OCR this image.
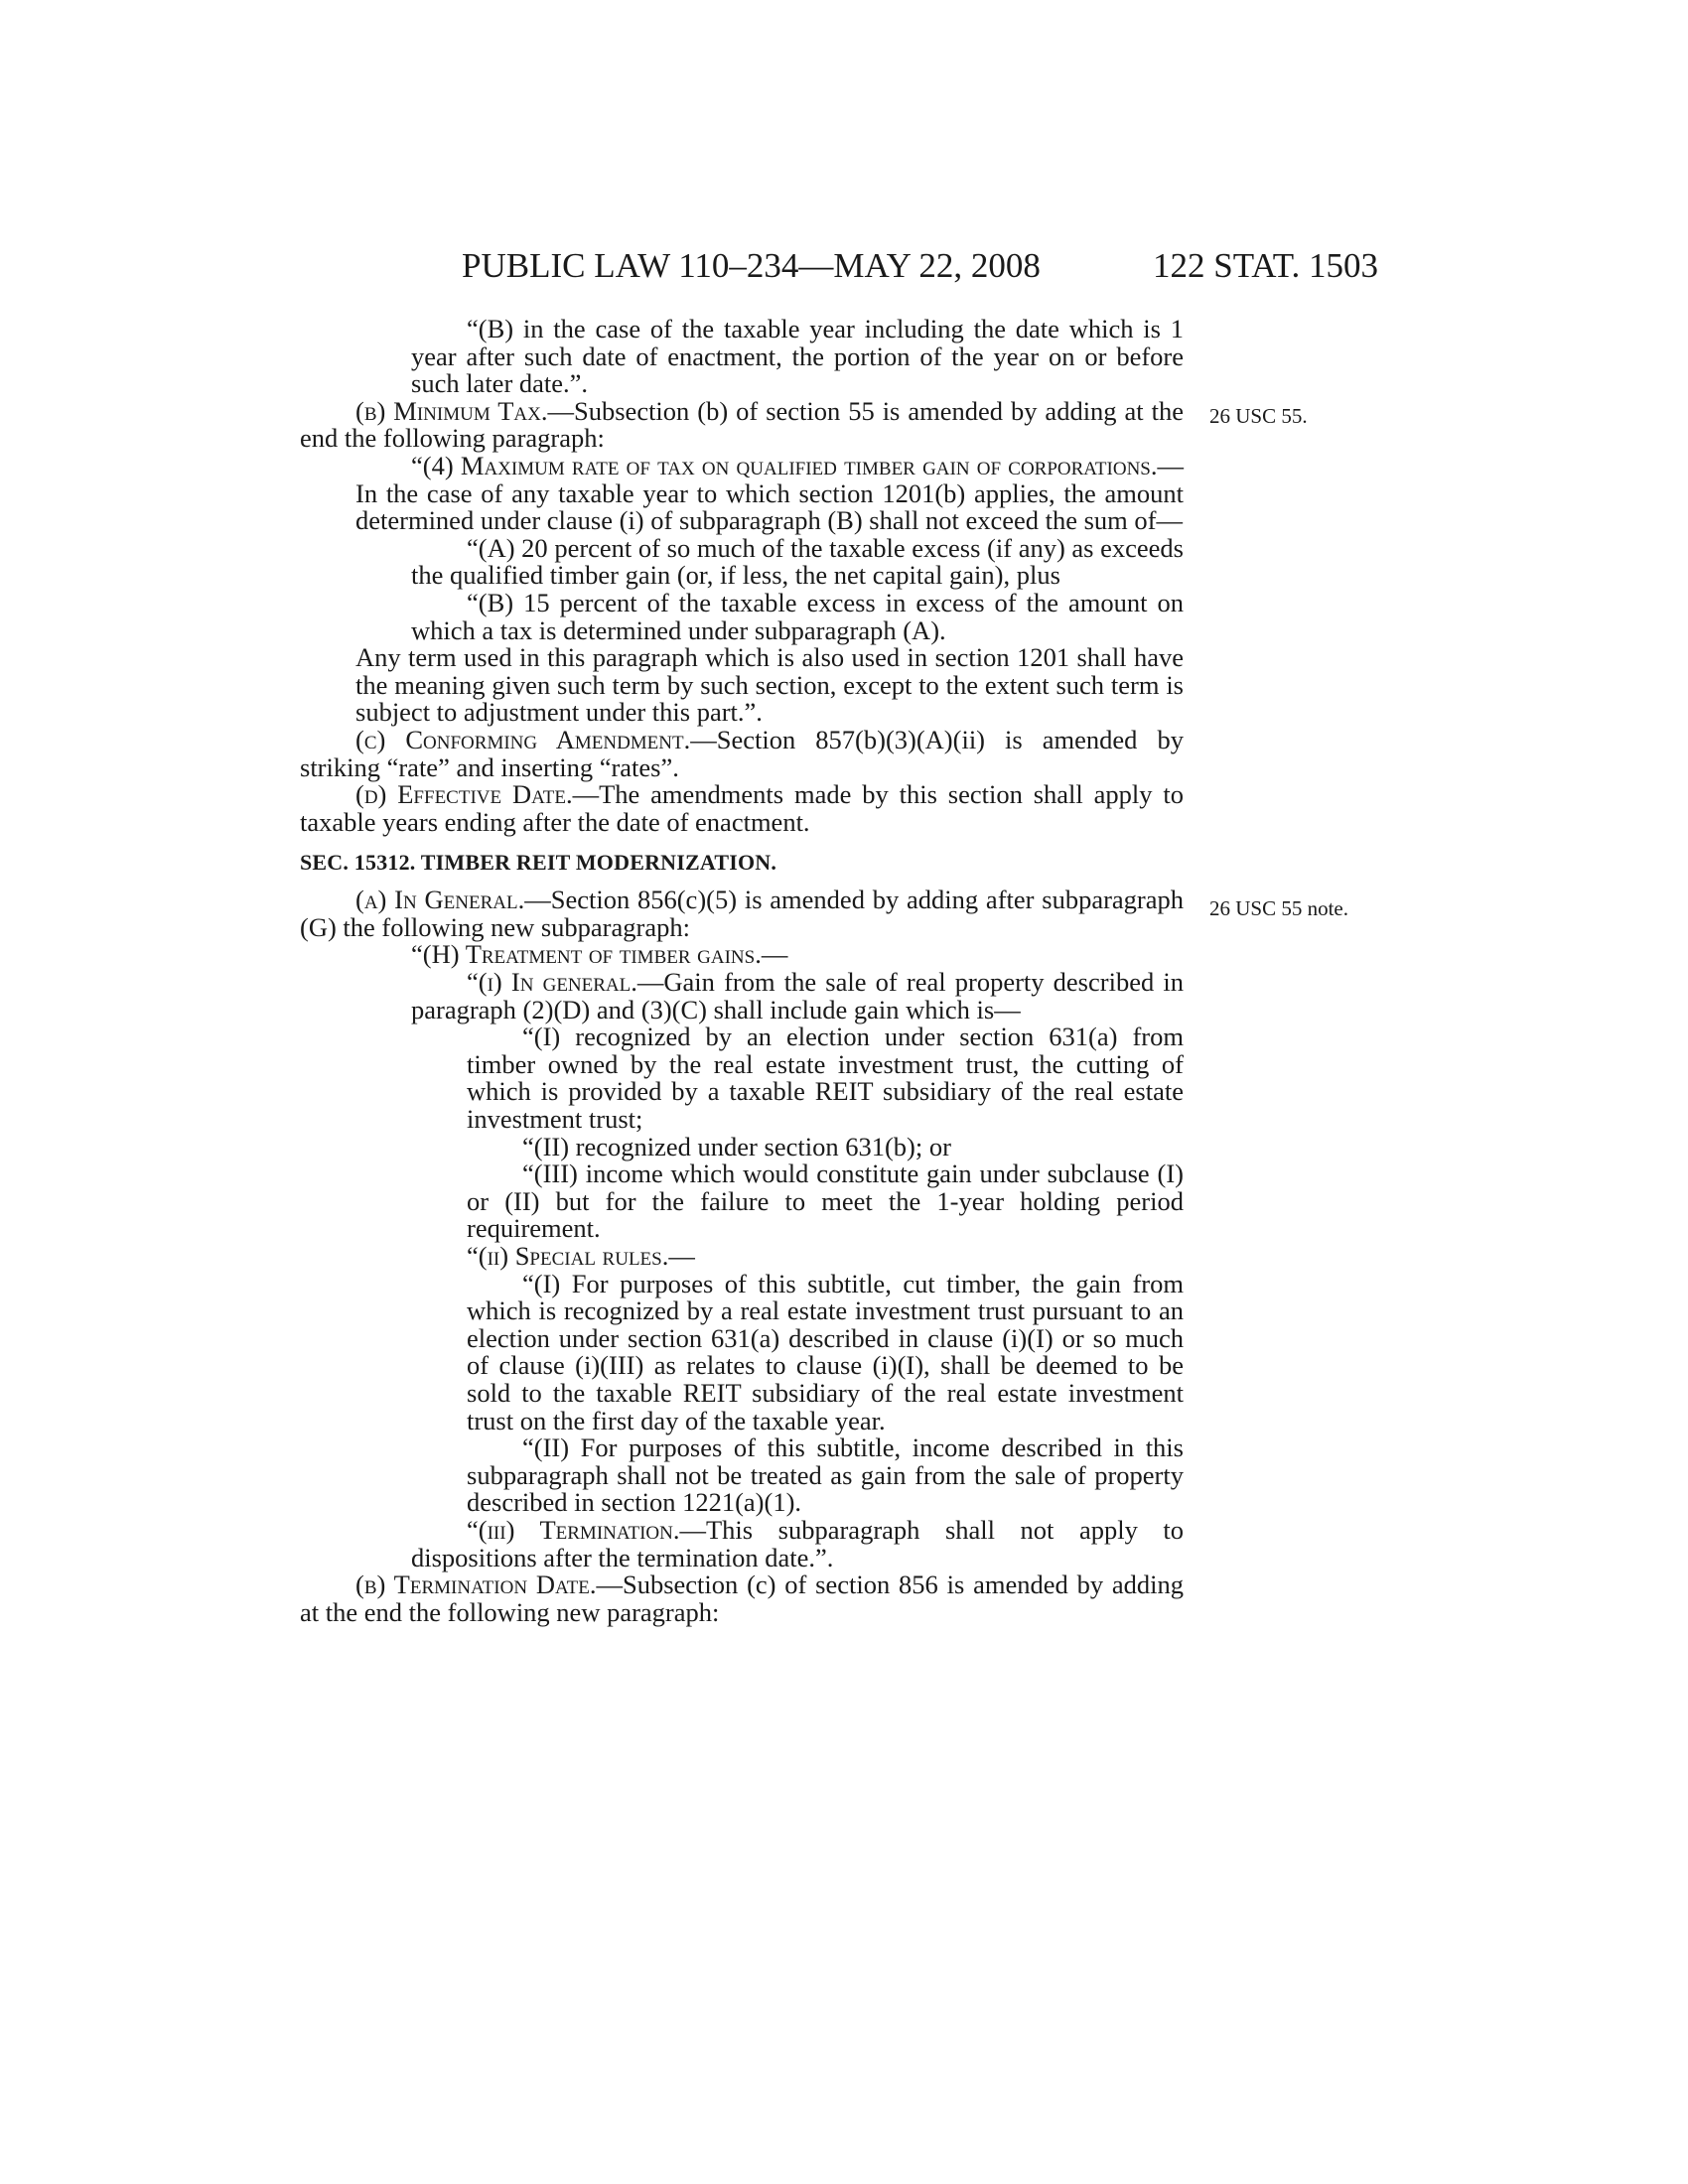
PUBLIC LAW 110–234—MAY 22, 2008	122 STAT. 1503
26 USC 55.
26 USC 55 note.

“(B) in the case of the taxable year including the date which is 1 year after such date of enactment, the portion of the year on or before such later date.”.

(b) Minimum Tax.—Subsection (b) of section 55 is amended by adding at the end the following paragraph:

“(4) Maximum rate of tax on qualified timber gain of corporations.—In the case of any taxable year to which section 1201(b) applies, the amount determined under clause (i) of subparagraph (B) shall not exceed the sum of—

“(A) 20 percent of so much of the taxable excess (if any) as exceeds the qualified timber gain (or, if less, the net capital gain), plus

“(B) 15 percent of the taxable excess in excess of the amount on which a tax is determined under subparagraph (A).

Any term used in this paragraph which is also used in section 1201 shall have the meaning given such term by such section, except to the extent such term is subject to adjustment under this part.”.

(c) Conforming Amendment.—Section 857(b)(3)(A)(ii) is amended by striking “rate” and inserting “rates”.

(d) Effective Date.—The amendments made by this section shall apply to taxable years ending after the date of enactment.

SEC. 15312. TIMBER REIT MODERNIZATION.

(a) In General.—Section 856(c)(5) is amended by adding after subparagraph (G) the following new subparagraph:

“(H) Treatment of timber gains.—

“(i) In general.—Gain from the sale of real property described in paragraph (2)(D) and (3)(C) shall include gain which is—

“(I) recognized by an election under section 631(a) from timber owned by the real estate investment trust, the cutting of which is provided by a taxable REIT subsidiary of the real estate investment trust;

“(II) recognized under section 631(b); or

“(III) income which would constitute gain under subclause (I) or (II) but for the failure to meet the 1-year holding period requirement.

“(ii) Special rules.—

“(I) For purposes of this subtitle, cut timber, the gain from which is recognized by a real estate investment trust pursuant to an election under section 631(a) described in clause (i)(I) or so much of clause (i)(III) as relates to clause (i)(I), shall be deemed to be sold to the taxable REIT subsidiary of the real estate investment trust on the first day of the taxable year.

“(II) For purposes of this subtitle, income described in this subparagraph shall not be treated as gain from the sale of property described in section 1221(a)(1).

“(iii) Termination.—This subparagraph shall not apply to dispositions after the termination date.”.

(b) Termination Date.—Subsection (c) of section 856 is amended by adding at the end the following new paragraph:
